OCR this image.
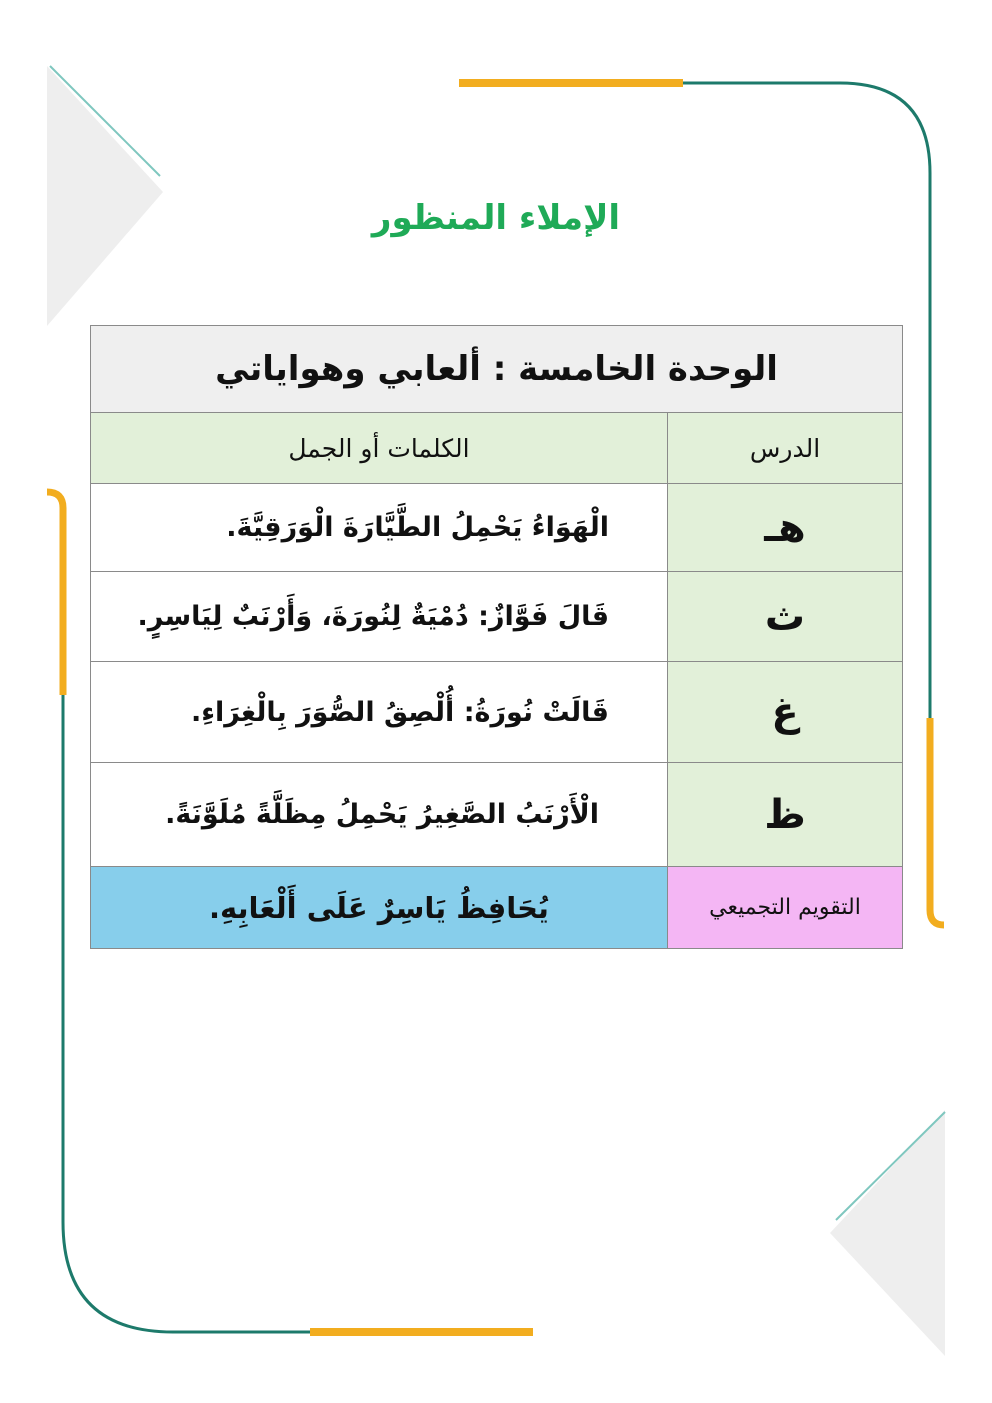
الإملاء المنظور
الوحدة الخامسة : ألعابي وهواياتي	
الدرس	الكلمات أو الجمل
هـ	الْهَوَاءُ يَحْمِلُ الطَّيَّارَةَ الْوَرَقِيَّةَ.
ث	قَالَ فَوَّازٌ: دُمْيَةٌ لِنُورَةَ، وَأَرْنَبٌ لِيَاسِرٍ.
غ	قَالَتْ نُورَةُ: أُلْصِقُ الصُّوَرَ بِالْغِرَاءِ.
ظ	الْأَرْنَبُ الصَّغِيرُ يَحْمِلُ مِظَلَّةً مُلَوَّنَةً.
التقويم التجميعي	يُحَافِظُ يَاسِرٌ عَلَى أَلْعَابِهِ.
